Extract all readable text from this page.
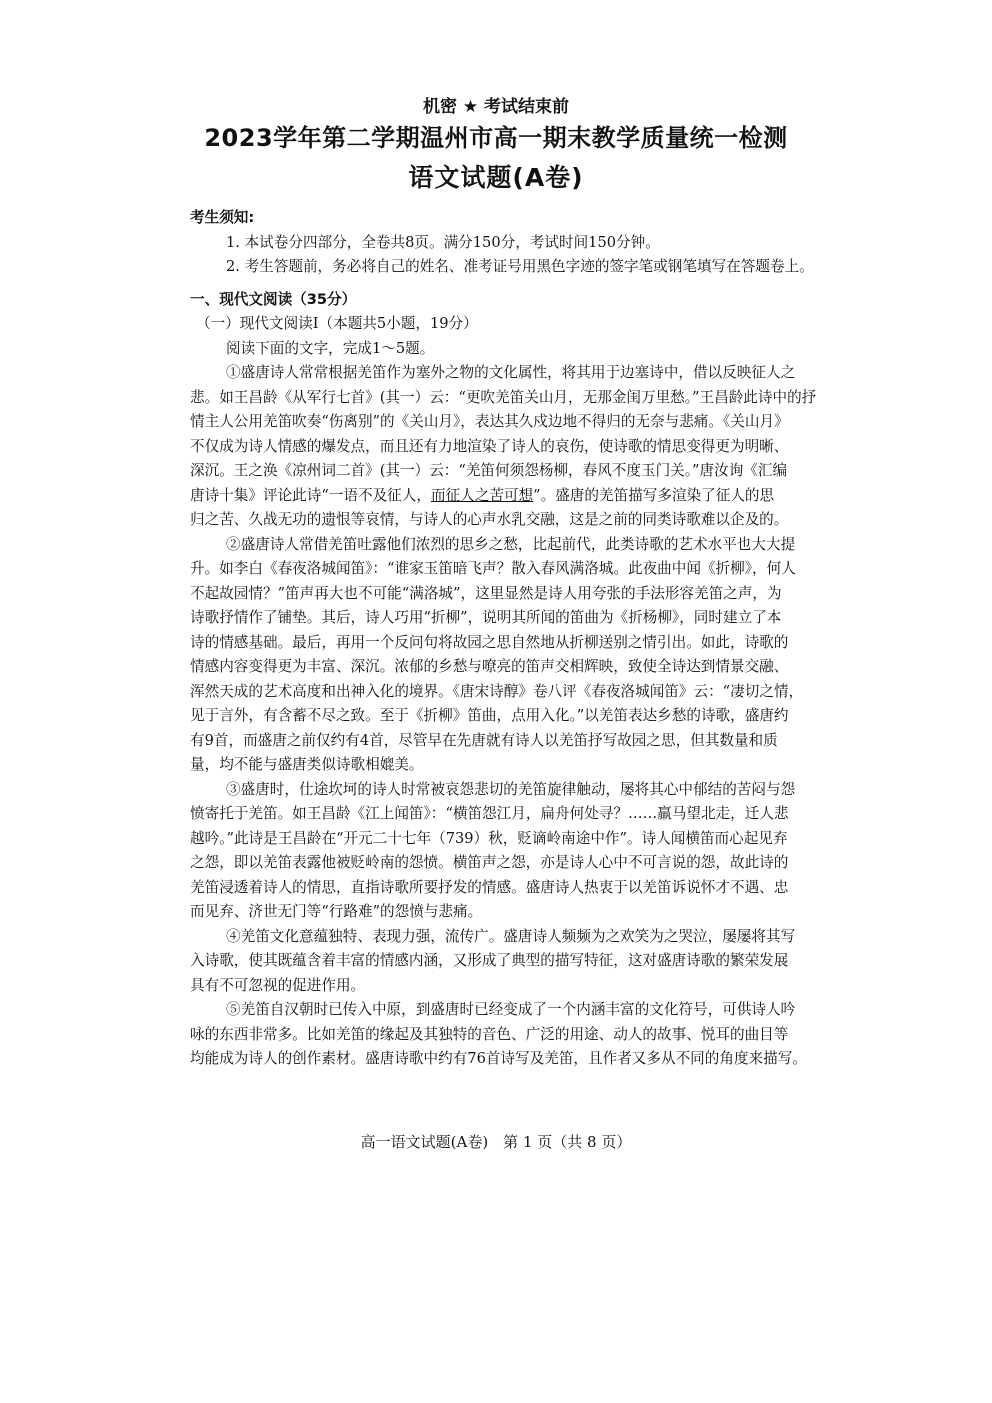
机密 ★ 考试结束前
2023学年第二学期温州市高一期末教学质量统一检测
语文试题(A卷)
考生须知:
1. 本试卷分四部分，全卷共8页。满分150分，考试时间150分钟。
2. 考生答题前，务必将自己的姓名、准考证号用黑色字迹的签字笔或钢笔填写在答题卷上。
一、现代文阅读（35分）
（一）现代文阅读Ⅰ（本题共5小题，19分）
阅读下面的文字，完成1～5题。
①盛唐诗人常常根据羌笛作为塞外之物的文化属性，将其用于边塞诗中，借以反映征人之
悲。如王昌龄《从军行七首》(其一）云：“更吹羌笛关山月，无那金闺万里愁。”王昌龄此诗中的抒
情主人公用羌笛吹奏“伤离别”的《关山月》，表达其久戍边地不得归的无奈与悲痛。《关山月》
不仅成为诗人情感的爆发点，而且还有力地渲染了诗人的哀伤，使诗歌的情思变得更为明晰、
深沉。王之涣《凉州词二首》(其一）云：“羌笛何须怨杨柳，春风不度玉门关。”唐汝询《汇编
唐诗十集》评论此诗“一语不及征人，而征人之苦可想”。盛唐的羌笛描写多渲染了征人的思
归之苦、久战无功的遗恨等哀情，与诗人的心声水乳交融，这是之前的同类诗歌难以企及的。
②盛唐诗人常借羌笛吐露他们浓烈的思乡之愁，比起前代，此类诗歌的艺术水平也大大提
升。如李白《春夜洛城闻笛》：“谁家玉笛暗飞声？散入春风满洛城。此夜曲中闻《折柳》，何人
不起故园情？”笛声再大也不可能“满洛城”，这里显然是诗人用夸张的手法形容羌笛之声，为
诗歌抒情作了铺垫。其后，诗人巧用“折柳”，说明其所闻的笛曲为《折杨柳》，同时建立了本
诗的情感基础。最后，再用一个反问句将故园之思自然地从折柳送别之情引出。如此，诗歌的
情感内容变得更为丰富、深沉。浓郁的乡愁与嘹亮的笛声交相辉映，致使全诗达到情景交融、
浑然天成的艺术高度和出神入化的境界。《唐宋诗醇》卷八评《春夜洛城闻笛》云：“凄切之情，
见于言外，有含蓄不尽之致。至于《折柳》笛曲，点用入化。”以羌笛表达乡愁的诗歌，盛唐约
有9首，而盛唐之前仅约有4首，尽管早在先唐就有诗人以羌笛抒写故园之思，但其数量和质
量，均不能与盛唐类似诗歌相媲美。
③盛唐时，仕途坎坷的诗人时常被哀怨悲切的羌笛旋律触动，屡将其心中郁结的苦闷与怨
愤寄托于羌笛。如王昌龄《江上闻笛》：“横笛怨江月，扁舟何处寻？……羸马望北走，迁人悲
越吟。”此诗是王昌龄在“开元二十七年（739）秋，贬谪岭南途中作”。诗人闻横笛而心起见弃
之怨，即以羌笛表露他被贬岭南的怨愤。横笛声之怨，亦是诗人心中不可言说的怨，故此诗的
羌笛浸透着诗人的情思，直指诗歌所要抒发的情感。盛唐诗人热衷于以羌笛诉说怀才不遇、忠
而见弃、济世无门等“行路难”的怨愤与悲痛。
④羌笛文化意蕴独特、表现力强，流传广。盛唐诗人频频为之欢笑为之哭泣，屡屡将其写
入诗歌，使其既蕴含着丰富的情感内涵，又形成了典型的描写特征，这对盛唐诗歌的繁荣发展
具有不可忽视的促进作用。
⑤羌笛自汉朝时已传入中原，到盛唐时已经变成了一个内涵丰富的文化符号，可供诗人吟
咏的东西非常多。比如羌笛的缘起及其独特的音色、广泛的用途、动人的故事、悦耳的曲目等
均能成为诗人的创作素材。盛唐诗歌中约有76首诗写及羌笛，且作者又多从不同的角度来描写。
高一语文试题(A卷)　第 1 页（共 8 页）
